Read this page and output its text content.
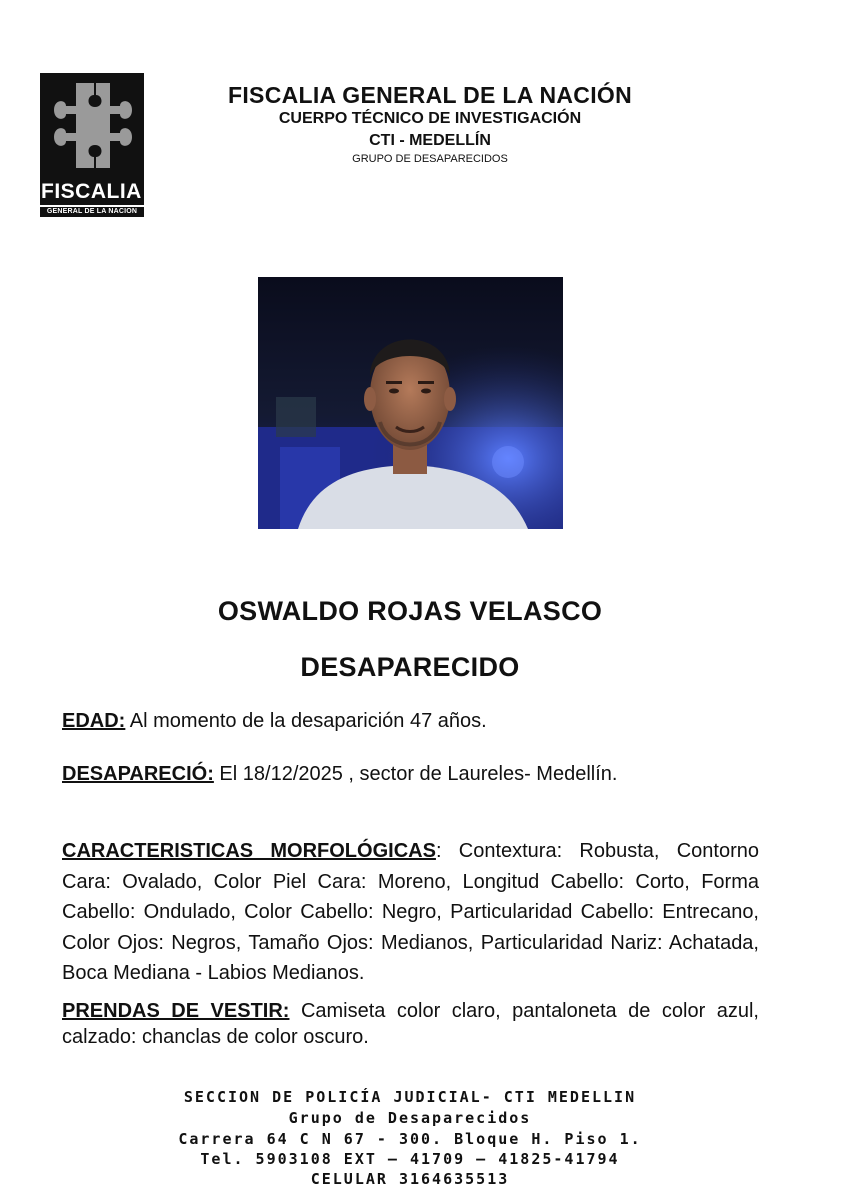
FISCALIA
GENERAL DE LA NACION
FISCALIA GENERAL DE LA NACIÓN
CUERPO TÉCNICO DE INVESTIGACIÓN
CTI - MEDELLÍN
GRUPO DE DESAPARECIDOS
OSWALDO ROJAS VELASCO
DESAPARECIDO
EDAD: Al momento de la desaparición 47 años.
DESAPARECIÓ: El 18/12/2025 , sector de Laureles- Medellín.
CARACTERISTICAS MORFOLÓGICAS: Contextura: Robusta, Contorno Cara: Ovalado, Color Piel Cara: Moreno, Longitud Cabello: Corto, Forma Cabello: Ondulado, Color Cabello: Negro, Particularidad Cabello: Entrecano, Color Ojos: Negros, Tamaño Ojos: Medianos, Particularidad Nariz: Achatada, Boca Mediana - Labios Medianos.
PRENDAS DE VESTIR: Camiseta color claro, pantaloneta de color azul, calzado: chanclas de color oscuro.
SECCION DE POLICÍA JUDICIAL- CTI MEDELLIN
Grupo de Desaparecidos
Carrera 64 C N 67 - 300. Bloque H. Piso 1.
Tel. 5903108 EXT – 41709 – 41825-41794
CELULAR 3164635513
